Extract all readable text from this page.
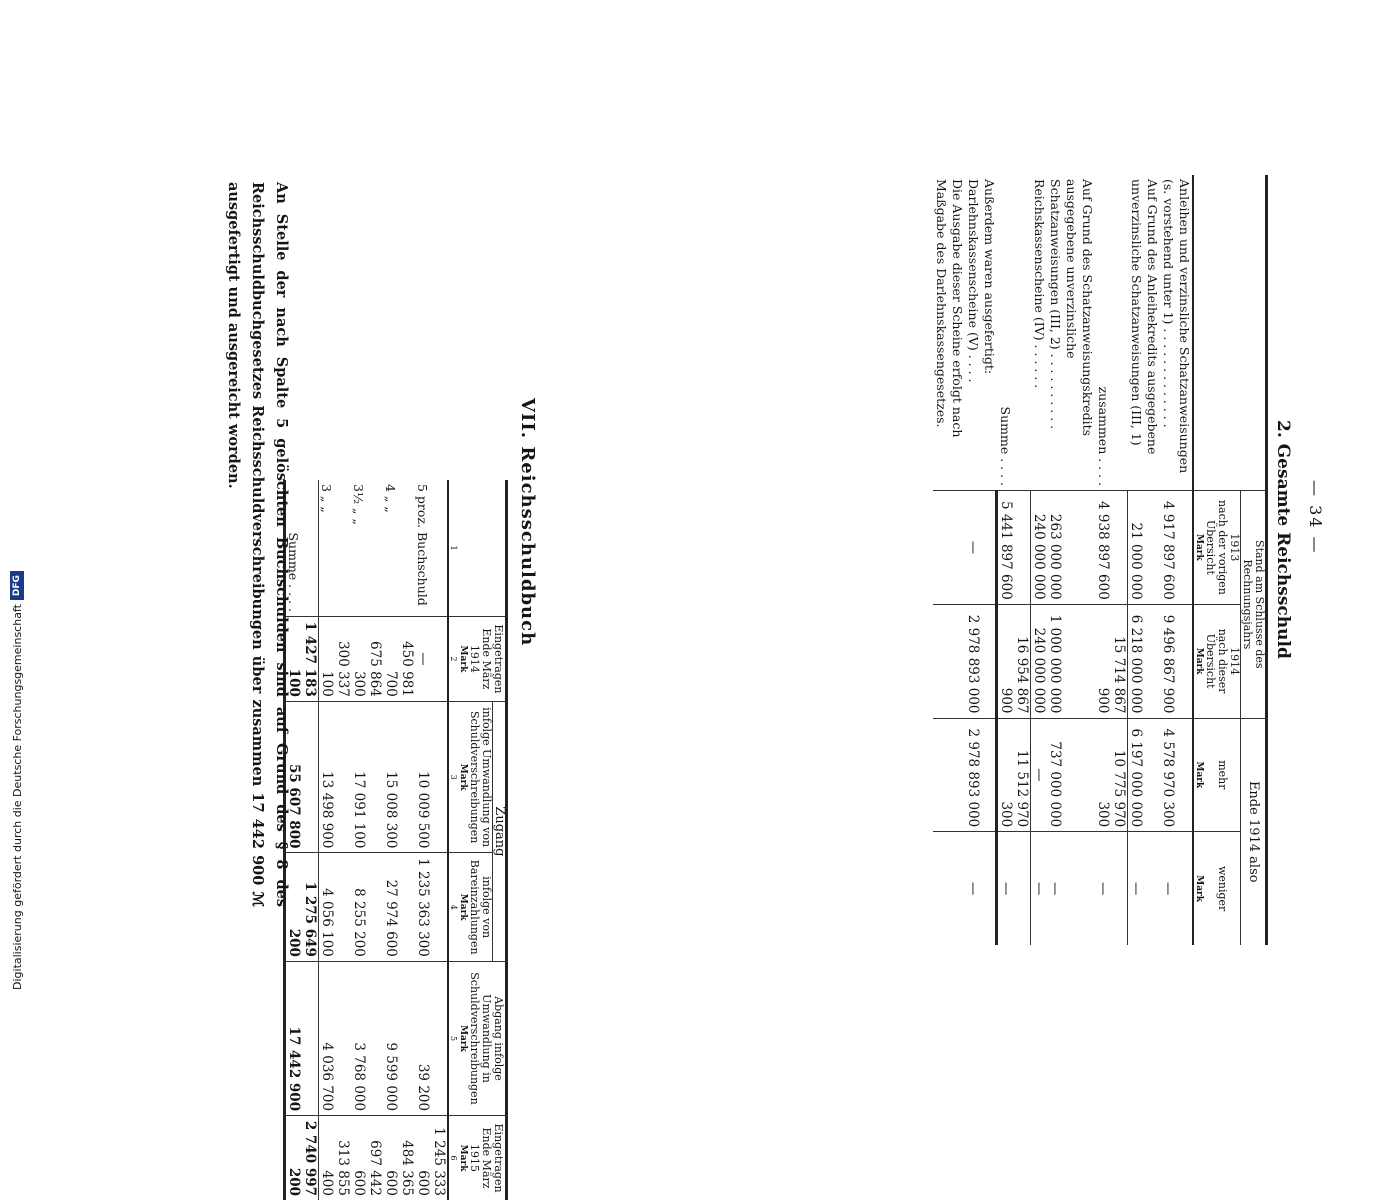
— 34 —
2. Gesamte Reichsschuld
	Stand am Schlusse des Rechnungsjahrs		Ende 1914 also	
	1913
nach der vorigen Übersicht	1914
nach dieser Übersicht	mehr	weniger
	Mark	Mark	Mark	Mark
Anleihen und verzinsliche Schatzanweisungen (s. vorstehend unter 1) . . . . . . . . . . . . .	4 917 897 600	9 496 867 900	4 578 970 300	—
Auf Grund des Anleihekredits ausgegebene unverzinsliche Schatzanweisungen (III, 1)	21 000 000	6 218 000 000	6 197 000 000	—
zusammen . . . .	4 938 897 600	15 714 867 900	10 775 970 300	—
Auf Grund des Schatzanweisungskredits ausgegebene unverzinsliche Schatzanweisungen (III, 2) . . . . . . . . . .	263 000 000	1 000 000 000	737 000 000	—
Reichskassenscheine (IV) . . . . . .	240 000 000	240 000 000	—	—
Summe . . . .	5 441 897 600	16 954 867 900	11 512 970 300	—
Außerdem waren ausgefertigt:				
Darlehnskassenscheine (V) . . . .	—	2 978 893 000	2 978 893 000	—
Die Ausgabe dieser Scheine erfolgt nach Maßgabe des Darlehnskassengesetzes.				
VII. Reichsschuldbuch
	Eingetragen Ende März 1914	Zugang		Abgang infolge Umwandlung in Schuldverschreibungen	Eingetragen Ende März 1915
		infolge Umwandlung von Schuldverschreibungen	infolge von Bareinzahlungen		
	Mark	Mark	Mark	Mark	Mark
1	2	3	4	5	6
5 proz. Buchschuld	—	10 009 500	1 235 363 300	39 200	1 245 333 600
4 „ „	450 981 700	15 008 300	27 974 600	9 599 000	484 365 600
3½ „ „	675 864 300	17 091 100	8 255 200	3 768 000	697 442 600
3 „ „	300 337 100	13 498 900	4 056 100	4 036 700	313 855 400
Summe . . . .	1 427 183 100	55 607 800	1 275 649 200	17 442 900	2 740 997 200
An Stelle der nach Spalte 5 gelöschten Buchschulden sind auf Grund des § 8 des Reichsschuldbuchgesetzes Reichsschuldverschreibungen über zusammen 17 442 900 ℳ ausgefertigt und ausgereicht worden.
Digitalisierung gefördert durch die Deutsche Forschungsgemeinschaft
DFG
